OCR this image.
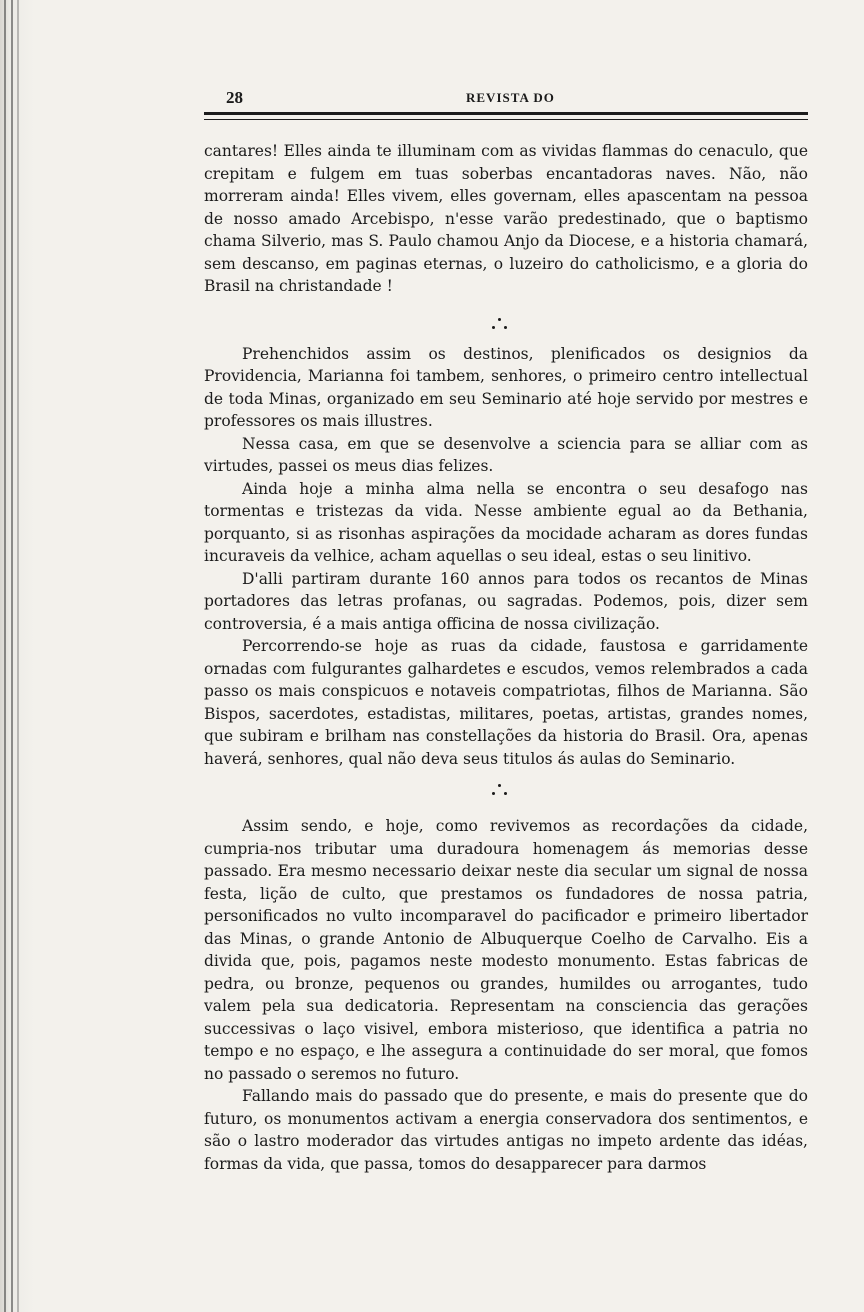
28	REVISTA DO

cantares! Elles ainda te illuminam com as vividas flammas do cenaculo, que crepitam e fulgem em tuas soberbas encantadoras naves. Não, não morreram ainda! Elles vivem, elles governam, elles apascentam na pessoa de nosso amado Arcebispo, n'esse varão predestinado, que o baptismo chama Silverio, mas S. Paulo chamou Anjo da Diocese, e a historia chamará, sem descanso, em paginas eternas, o luzeiro do catholicismo, e a gloria do Brasil na christandade !

Prehenchidos assim os destinos, plenificados os designios da Providencia, Marianna foi tambem, senhores, o primeiro centro intellectual de toda Minas, organizado em seu Seminario até hoje servido por mestres e professores os mais illustres.

Nessa casa, em que se desenvolve a sciencia para se alliar com as virtudes, passei os meus dias felizes.

Ainda hoje a minha alma nella se encontra o seu desafogo nas tormentas e tristezas da vida. Nesse ambiente egual ao da Bethania, porquanto, si as risonhas aspirações da mocidade acharam as dores fundas incuraveis da velhice, acham aquellas o seu ideal, estas o seu linitivo.

D'alli partiram durante 160 annos para todos os recantos de Minas portadores das letras profanas, ou sagradas. Podemos, pois, dizer sem controversia, é a mais antiga officina de nossa civilização.

Percorrendo-se hoje as ruas da cidade, faustosa e garridamente ornadas com fulgurantes galhardetes e escudos, vemos relembrados a cada passo os mais conspicuos e notaveis compatriotas, filhos de Marianna. São Bispos, sacerdotes, estadistas, militares, poetas, artistas, grandes nomes, que subiram e brilham nas constellações da historia do Brasil. Ora, apenas haverá, senhores, qual não deva seus titulos ás aulas do Seminario.

Assim sendo, e hoje, como revivemos as recordações da cidade, cumpria-nos tributar uma duradoura homenagem ás memorias desse passado. Era mesmo necessario deixar neste dia secular um signal de nossa festa, lição de culto, que prestamos os fundadores de nossa patria, personificados no vulto incomparavel do pacificador e primeiro libertador das Minas, o grande Antonio de Albuquerque Coelho de Carvalho. Eis a divida que, pois, pagamos neste modesto monumento. Estas fabricas de pedra, ou bronze, pequenos ou grandes, humildes ou arrogantes, tudo valem pela sua dedicatoria. Representam na consciencia das gerações successivas o laço visivel, embora misterioso, que identifica a patria no tempo e no espaço, e lhe assegura a continuidade do ser moral, que fomos no passado o seremos no futuro.

Fallando mais do passado que do presente, e mais do presente que do futuro, os monumentos activam a energia conservadora dos sentimentos, e são o lastro moderador das virtudes antigas no impeto ardente das idéas, formas da vida, que passa, tomos do desapparecer para darmos
